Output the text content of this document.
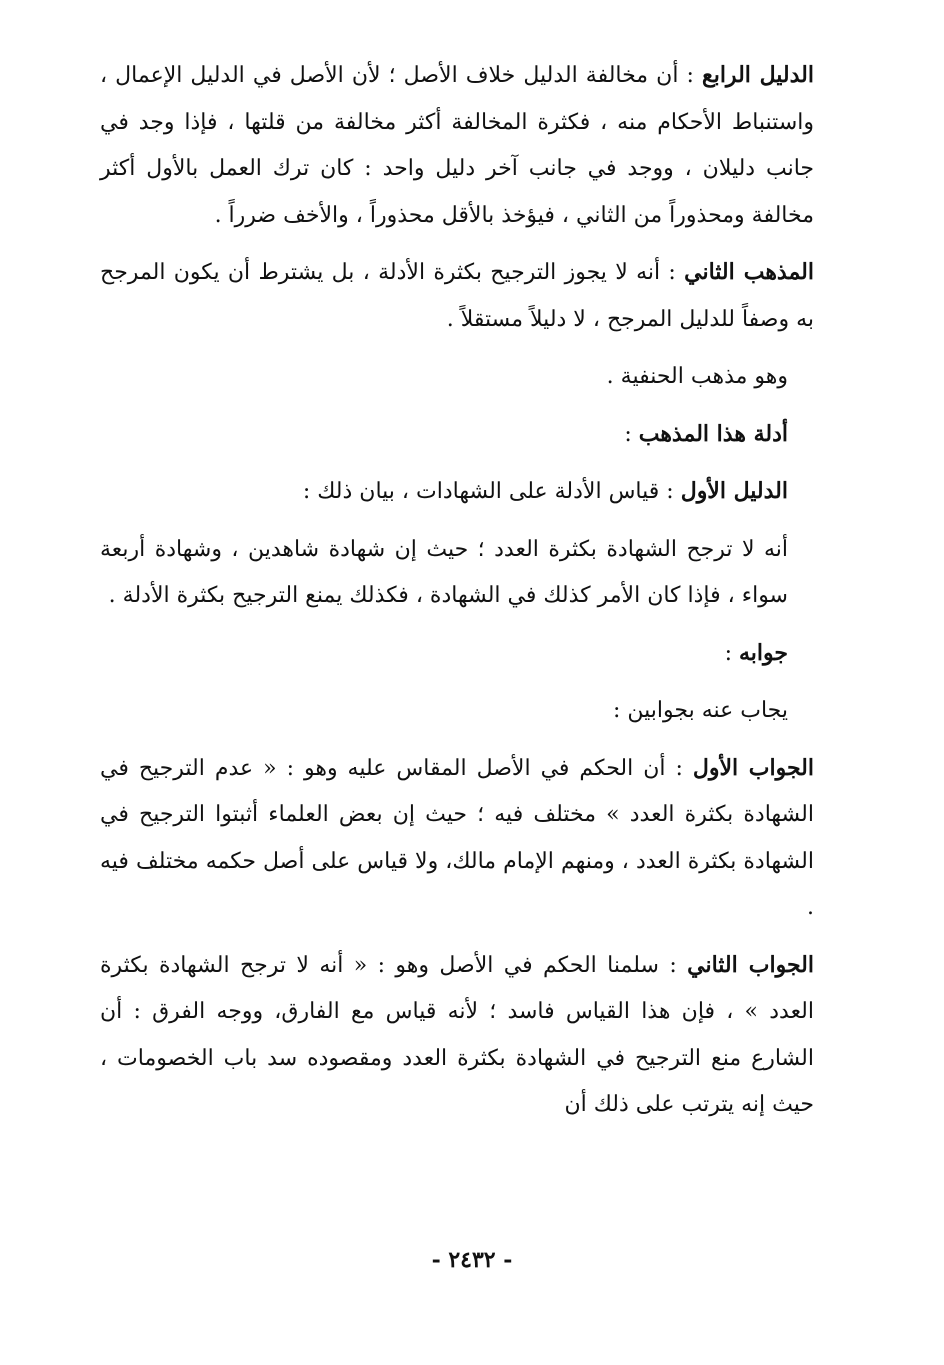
الدليل الرابع : أن مخالفة الدليل خلاف الأصل ؛ لأن الأصل في الدليل الإعمال ، واستنباط الأحكام منه ، فكثرة المخالفة أكثر مخالفة من قلتها ، فإذا وجد في جانب دليلان ، ووجد في جانب آخر دليل واحد : كان ترك العمل بالأول أكثر مخالفة ومحذوراً من الثاني ، فيؤخذ بالأقل محذوراً ، والأخف ضرراً .

المذهب الثاني : أنه لا يجوز الترجيح بكثرة الأدلة ، بل يشترط أن يكون المرجح به وصفاً للدليل المرجح ، لا دليلاً مستقلاً .

وهو مذهب الحنفية .

أدلة هذا المذهب :

الدليل الأول : قياس الأدلة على الشهادات ، بيان ذلك :

أنه لا ترجح الشهادة بكثرة العدد ؛ حيث إن شهادة شاهدين ، وشهادة أربعة سواء ، فإذا كان الأمر كذلك في الشهادة ، فكذلك يمنع الترجيح بكثرة الأدلة .

جوابه :

يجاب عنه بجوابين :

الجواب الأول : أن الحكم في الأصل المقاس عليه وهو : « عدم الترجيح في الشهادة بكثرة العدد » مختلف فيه ؛ حيث إن بعض العلماء أثبتوا الترجيح في الشهادة بكثرة العدد ، ومنهم الإمام مالك، ولا قياس على أصل حكمه مختلف فيه .

الجواب الثاني : سلمنا الحكم في الأصل وهو : « أنه لا ترجح الشهادة بكثرة العدد » ، فإن هذا القياس فاسد ؛ لأنه قياس مع الفارق، ووجه الفرق : أن الشارع منع الترجيح في الشهادة بكثرة العدد ومقصوده سد باب الخصومات ، حيث إنه يترتب على ذلك أن

- ٢٤٣٢ -
